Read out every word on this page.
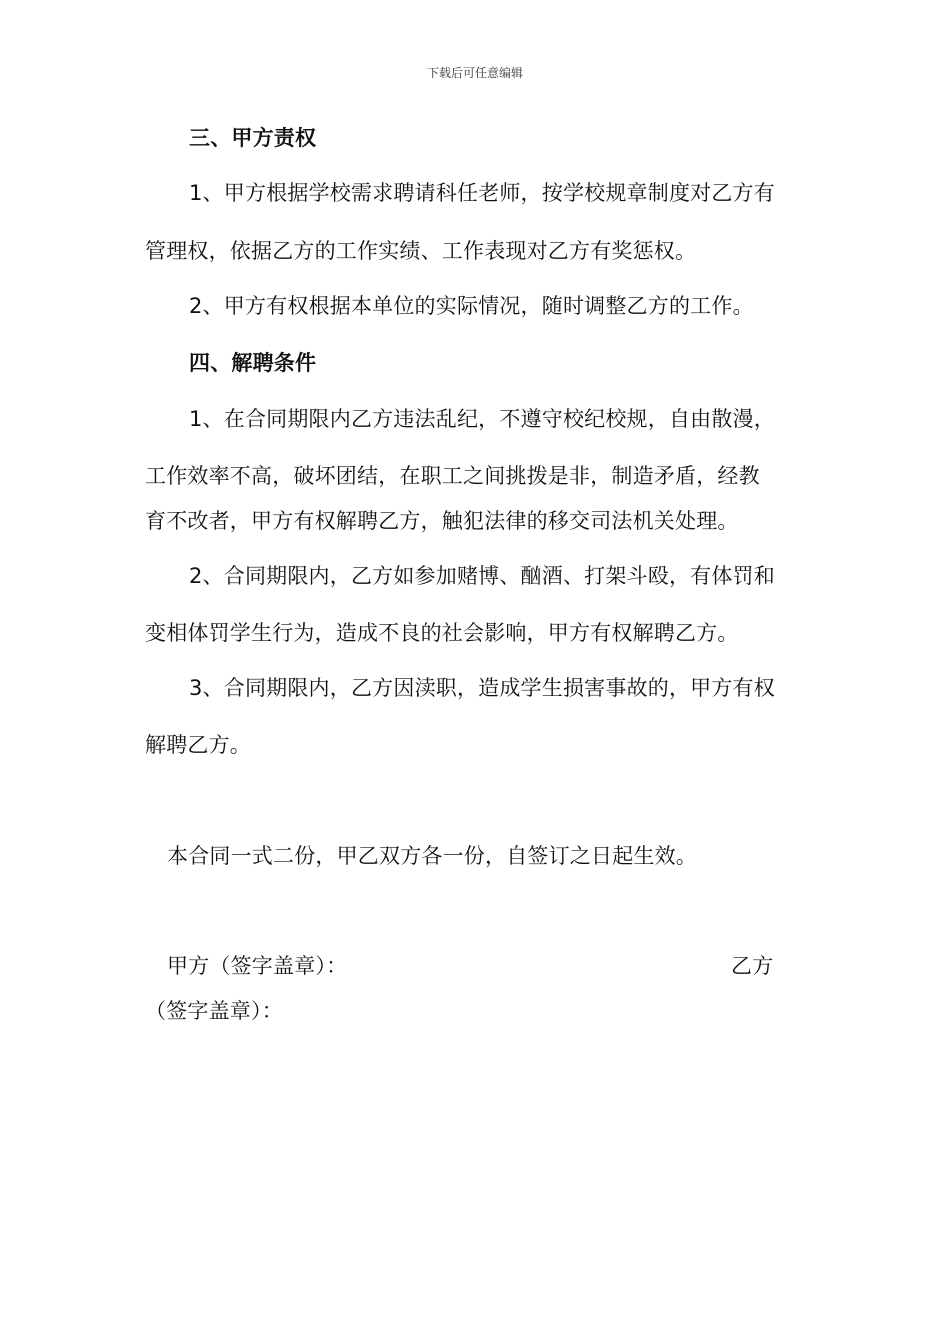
下载后可任意编辑
三、甲方责权
1、甲方根据学校需求聘请科任老师，按学校规章制度对乙方有
管理权，依据乙方的工作实绩、工作表现对乙方有奖惩权。
2、甲方有权根据本单位的实际情况，随时调整乙方的工作。
四、解聘条件
1、在合同期限内乙方违法乱纪，不遵守校纪校规，自由散漫，
工作效率不高，破坏团结，在职工之间挑拨是非，制造矛盾，经教
育不改者，甲方有权解聘乙方，触犯法律的移交司法机关处理。
2、合同期限内，乙方如参加赌博、酗酒、打架斗殴，有体罚和
变相体罚学生行为，造成不良的社会影响，甲方有权解聘乙方。
3、合同期限内，乙方因渎职，造成学生损害事故的，甲方有权
解聘乙方。
本合同一式二份，甲乙双方各一份，自签订之日起生效。
甲方（签字盖章）：	乙方
（签字盖章）：
